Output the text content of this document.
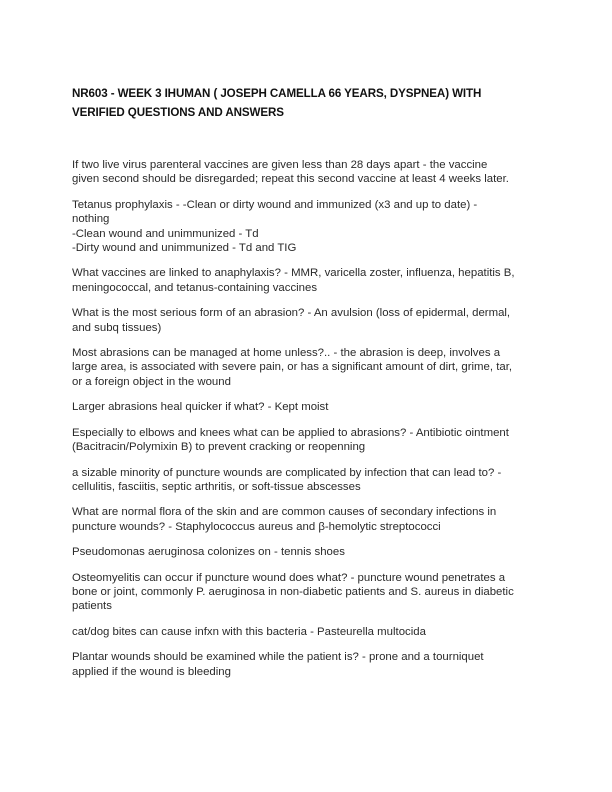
NR603 - WEEK 3 IHUMAN ( JOSEPH CAMELLA 66 YEARS, DYSPNEA) WITH
VERIFIED QUESTIONS AND ANSWERS

If two live virus parenteral vaccines are given less than 28 days apart - the vaccine
given second should be disregarded; repeat this second vaccine at least 4 weeks later.

Tetanus prophylaxis - -Clean or dirty wound and immunized (x3 and up to date) -
nothing
-Clean wound and unimmunized - Td
-Dirty wound and unimmunized - Td and TIG

What vaccines are linked to anaphylaxis? - MMR, varicella zoster, influenza, hepatitis B,
meningococcal, and tetanus-containing vaccines

What is the most serious form of an abrasion? - An avulsion (loss of epidermal, dermal,
and subq tissues)

Most abrasions can be managed at home unless?.. - the abrasion is deep, involves a
large area, is associated with severe pain, or has a significant amount of dirt, grime, tar,
or a foreign object in the wound

Larger abrasions heal quicker if what? - Kept moist

Especially to elbows and knees what can be applied to abrasions? - Antibiotic ointment
(Bacitracin/Polymixin B) to prevent cracking or reopenning

a sizable minority of puncture wounds are complicated by infection that can lead to? -
cellulitis, fasciitis, septic arthritis, or soft-tissue abscesses

What are normal flora of the skin and are common causes of secondary infections in
puncture wounds? - Staphylococcus aureus and β-hemolytic streptococci

Pseudomonas aeruginosa colonizes on - tennis shoes

Osteomyelitis can occur if puncture wound does what? - puncture wound penetrates a
bone or joint, commonly P. aeruginosa in non-diabetic patients and S. aureus in diabetic
patients

cat/dog bites can cause infxn with this bacteria - Pasteurella multocida

Plantar wounds should be examined while the patient is? - prone and a tourniquet
applied if the wound is bleeding
